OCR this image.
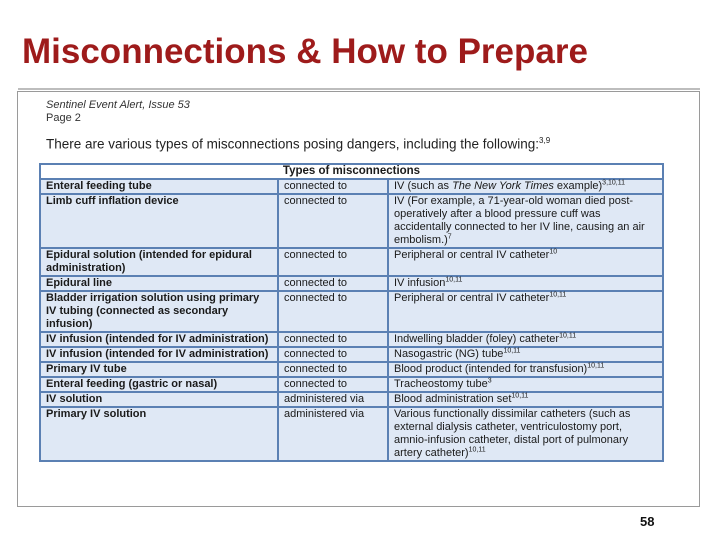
Misconnections & How to Prepare
Sentinel Event Alert, Issue 53
Page 2
There are various types of misconnections posing dangers, including the following:$^{3,9}$
Types of misconnections		
Enteral feeding tube	connected to	IV (such as The New York Times example)$^{3,10,11}$
Limb cuff inflation device	connected to	IV (For example, a 71-year-old woman died post-operatively after a blood pressure cuff was accidentally connected to her IV line, causing an air embolism.)$^7$
Epidural solution (intended for epidural administration)	connected to	Peripheral or central IV catheter$^{10}$
Epidural line	connected to	IV infusion$^{10,11}$
Bladder irrigation solution using primary IV tubing (connected as secondary infusion)	connected to	Peripheral or central IV catheter$^{10,11}$
IV infusion (intended for IV administration)	connected to	Indwelling bladder (foley) catheter$^{10,11}$
IV infusion (intended for IV administration)	connected to	Nasogastric (NG) tube$^{10,11}$
Primary IV tube	connected to	Blood product (intended for transfusion)$^{10,11}$
Enteral feeding (gastric or nasal)	connected to	Tracheostomy tube$^3$
IV solution	administered via	Blood administration set$^{10,11}$
Primary IV solution	administered via	Various functionally dissimilar catheters (such as external dialysis catheter, ventriculostomy port, amnio-infusion catheter, distal port of pulmonary artery catheter)$^{10,11}$
58
